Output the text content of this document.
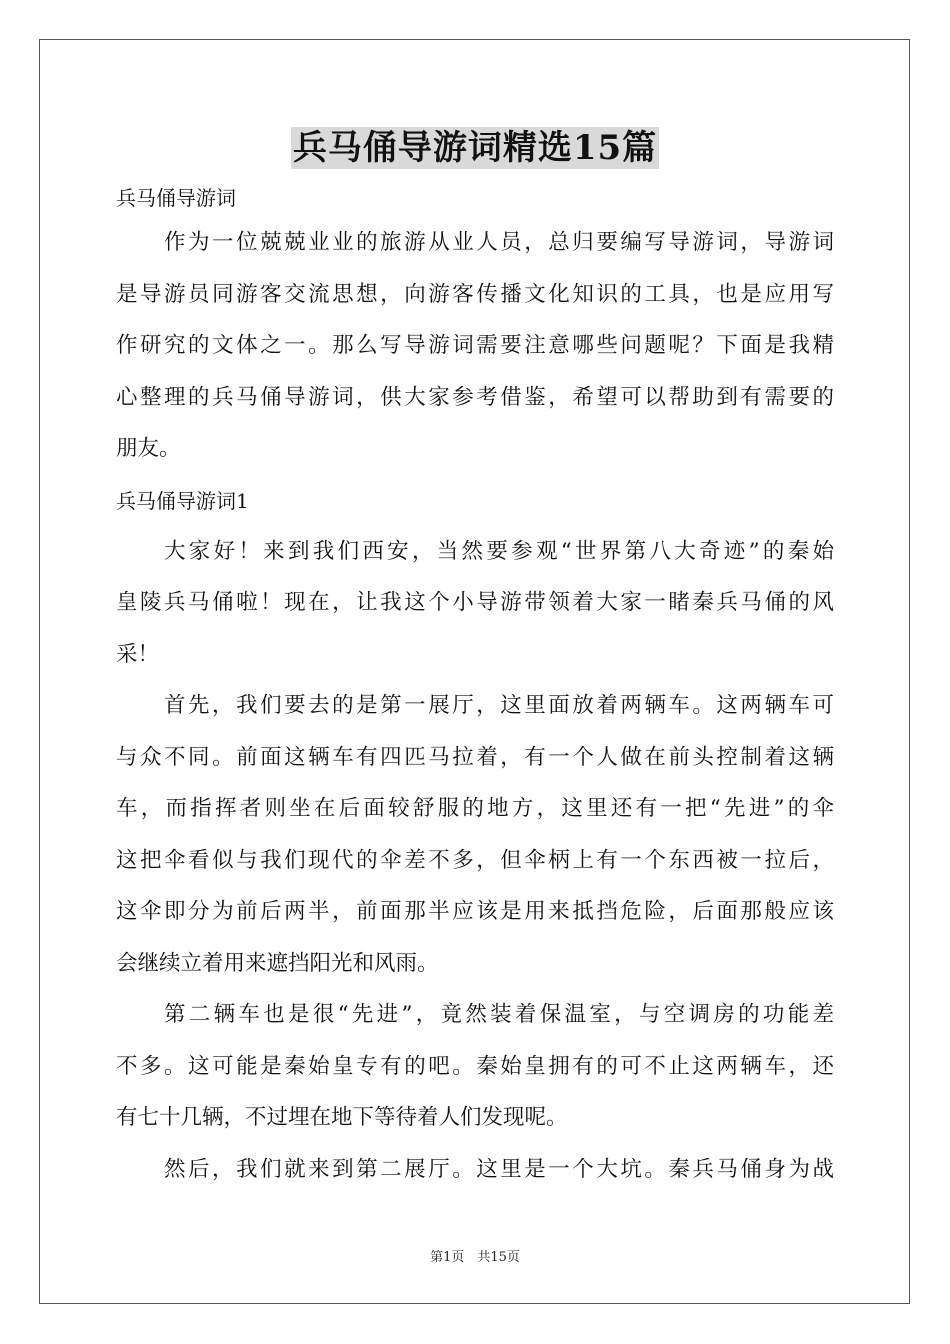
兵马俑导游词精选15篇

兵马俑导游词

作为一位兢兢业业的旅游从业人员，总归要编写导游词，导游词
是导游员同游客交流思想，向游客传播文化知识的工具，也是应用写
作研究的文体之一。那么写导游词需要注意哪些问题呢？下面是我精
心整理的兵马俑导游词，供大家参考借鉴，希望可以帮助到有需要的
朋友。

兵马俑导游词1

大家好！来到我们西安，当然要参观“世界第八大奇迹”的秦始
皇陵兵马俑啦！现在，让我这个小导游带领着大家一睹秦兵马俑的风
采！
首先，我们要去的是第一展厅，这里面放着两辆车。这两辆车可
与众不同。前面这辆车有四匹马拉着，有一个人做在前头控制着这辆
车，而指挥者则坐在后面较舒服的地方，这里还有一把“先进”的伞
这把伞看似与我们现代的伞差不多，但伞柄上有一个东西被一拉后，
这伞即分为前后两半，前面那半应该是用来抵挡危险，后面那般应该
会继续立着用来遮挡阳光和风雨。
第二辆车也是很“先进”，竟然装着保温室，与空调房的功能差
不多。这可能是秦始皇专有的吧。秦始皇拥有的可不止这两辆车，还
有七十几辆，不过埋在地下等待着人们发现呢。
然后，我们就来到第二展厅。这里是一个大坑。秦兵马俑身为战
第1页　共15页
